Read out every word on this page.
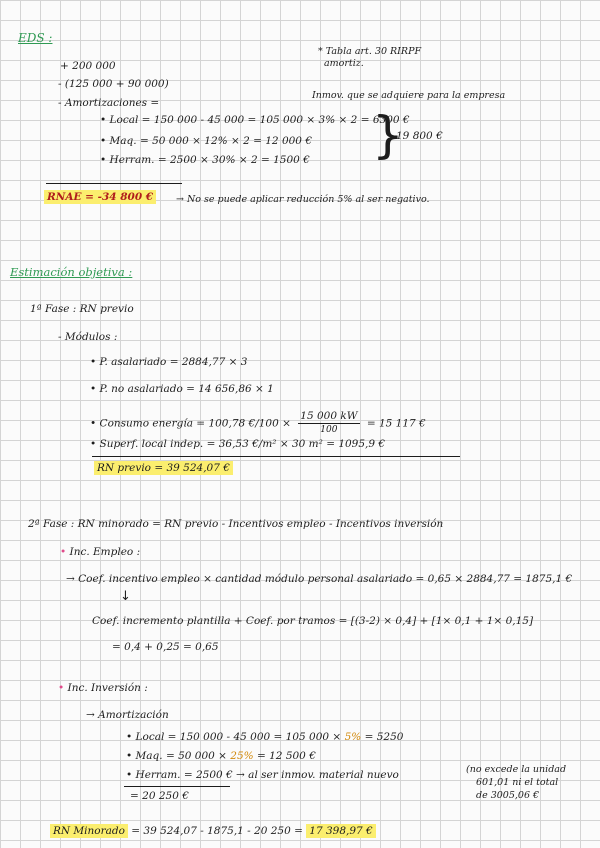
EDS :
+ 200 000
- (125 000 + 90 000)
- Amortizaciones =
• Local = 150 000 - 45 000 = 105 000 × 3% × 2 = 6300 €
• Maq. = 50 000 × 12% × 2 = 12 000 €
• Herram. = 2500 × 30% × 2 = 1500 € }
19 800 €
* Tabla art. 30 RIRPF
amortiz.
Inmov. que se adquiere para la empresa
RNAE = -34 800 €	→ No se puede aplicar reducción 5% al ser negativo.
Estimación objetiva :
1ª Fase : RN previo
- Módulos :
• P. asalariado = 2884,77 × 3
• P. no asalariado = 14 656,86 × 1
• Consumo energía = 100,78 €/100 × $\frac{15 000 kW}{100} = 15$ 117 €
• Superf. local indep. = 36,53 €/m² × 30 m² = 1095,9 €
RN previo = 39 524,07 €
2ª Fase : RN minorado = RN previo - Incentivos empleo - Incentivos inversión
• Inc. Empleo :
→ Coef. incentivo empleo × cantidad módulo personal asalariado = 0,65 × 2884,77 = 1875,1 €
↓
Coef. incremento plantilla + Coef. por tramos = [(3-2) × 0,4] + [1× 0,1 + 1× 0,15]
= 0,4 + 0,25 = 0,65
• Inc. Inversión :
→ Amortización
• Local = 150 000 - 45 000 = 105 000 × 5% = 5250
• Maq. = 50 000 × 25% = 12 500 €
• Herram. = 2500 € → al ser inmov. material nuevo	(no excede la unidad
601,01 ni el total
de 3005,06 €
= 20 250 €
RN Minorado = 39 524,07 - 1875,1 - 20 250 = 17 398,97 €
